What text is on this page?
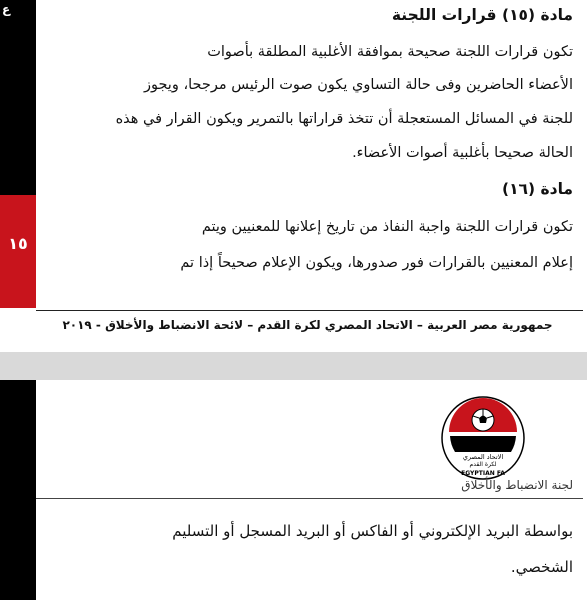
ع
١٥
مادة (١٥) قرارات اللجنة
تكون قرارات اللجنة صحيحة بموافقة الأغلبية المطلقة بأصوات
الأعضاء الحاضرين وفى حالة التساوي يكون صوت الرئيس مرجحا، ويجوز
للجنة في المسائل المستعجلة أن تتخذ قراراتها بالتمرير ويكون القرار في هذه
الحالة صحيحا بأغلبية أصوات الأعضاء.
مادة (١٦)
تكون قرارات اللجنة واجبة النفاذ من تاريخ إعلانها للمعنيين ويتم
إعلام المعنيين بالقرارات فور صدورها، ويكون الإعلام صحيحاً إذا تم
جمهورية مصر العربية – الاتحاد المصري لكرة القدم – لائحة الانضباط والأخلاق - ٢٠١٩
الاتحاد المصري
لكرة القدم
EGYPTIAN FA
لجنة الانضباط والأخلاق
بواسطة البريد الإلكتروني أو الفاكس أو البريد المسجل أو التسليم
الشخصي.
